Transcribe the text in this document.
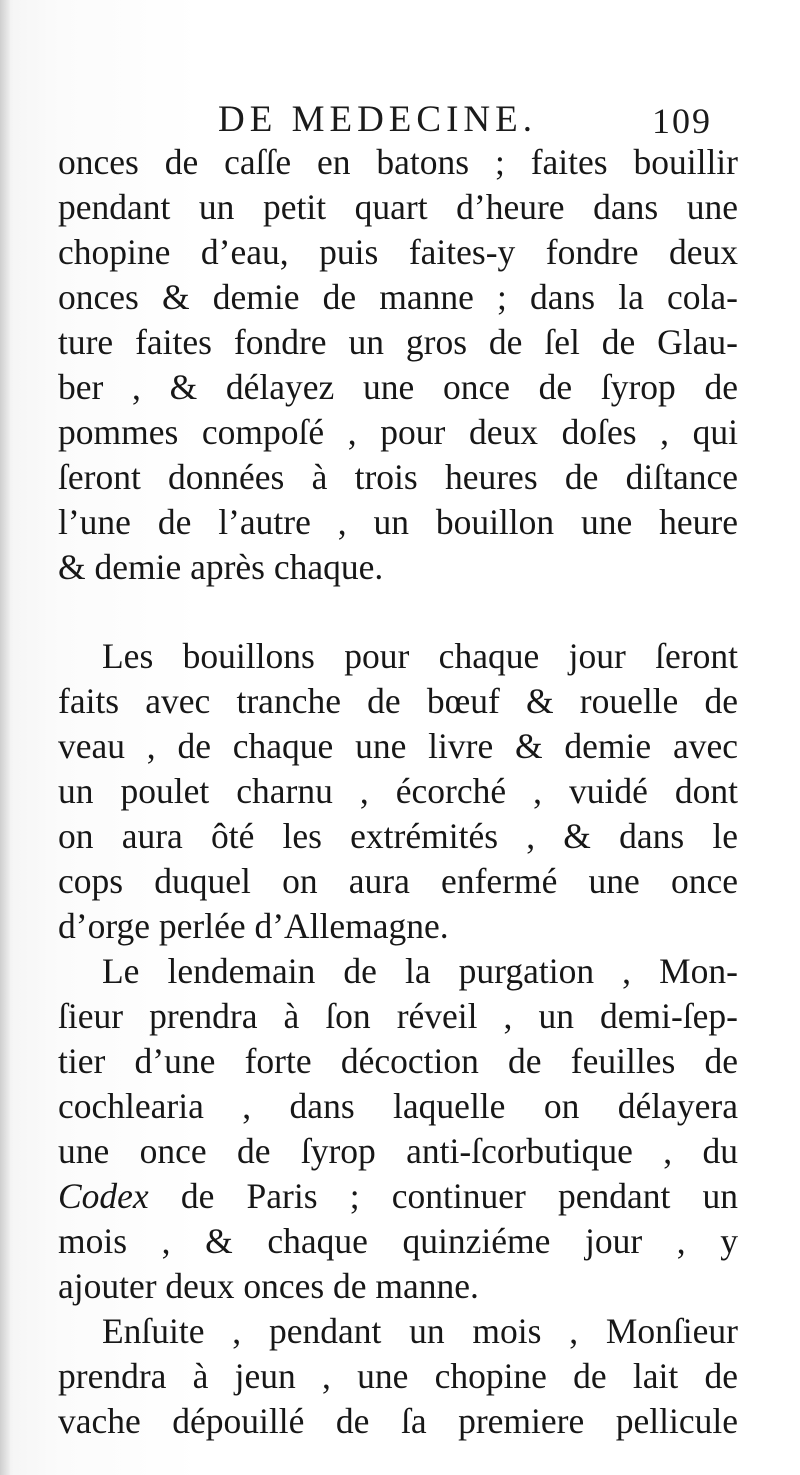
DE MEDECINE.	109
onces de caſſe en batons ; faites bouillir
pendant un petit quart d’heure dans une
chopine d’eau, puis faites-y fondre deux
onces & demie de manne ; dans la cola-
ture faites fondre un gros de ſel de Glau-
ber , & délayez une once de ſyrop de
pommes compoſé , pour deux doſes , qui
ſeront données à trois heures de diſtance
l’une de l’autre , un bouillon une heure
& demie après chaque.
Les bouillons pour chaque jour ſeront
faits avec tranche de bœuf & rouelle de
veau , de chaque une livre & demie avec
un poulet charnu , écorché , vuidé dont
on aura ôté les extrémités , & dans le
cops duquel on aura enfermé une once
d’orge perlée d’Allemagne.
Le lendemain de la purgation , Mon-
ſieur prendra à ſon réveil , un demi-ſep-
tier d’une forte décoction de feuilles de
cochlearia , dans laquelle on délayera
une once de ſyrop anti-ſcorbutique , du
Codex de Paris ; continuer pendant un
mois , & chaque quinziéme jour , y
ajouter deux onces de manne.
Enſuite , pendant un mois , Monſieur
prendra à jeun , une chopine de lait de
vache dépouillé de ſa premiere pellicule
